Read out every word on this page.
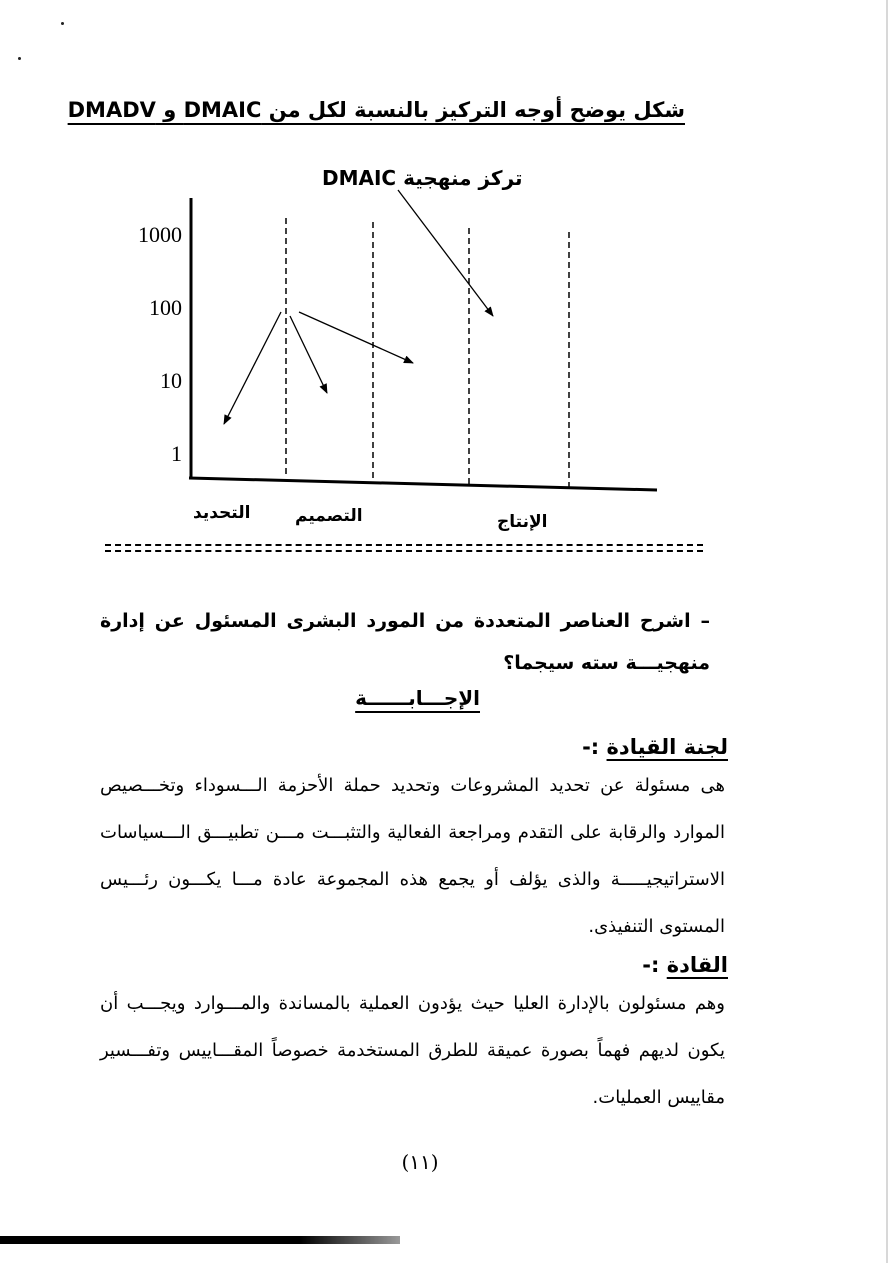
شكل يوضح أوجه التركيز بالنسبة لكل من DMAIC و DMADV
تركز منهجية DMAIC
1000
100
10
1
التحديد	التصميم	الإنتاج
– اشرح العناصر المتعددة من المورد البشرى المسئول عن إدارة منهجيـــة سته سيجما؟
الإجـــابــــــة
لجنة القيادة :-
هى مسئولة عن تحديد المشروعات وتحديد حملة الأحزمة الـــسوداء وتخـــصيص الموارد والرقابة على التقدم ومراجعة الفعالية والتثبـــت مـــن تطبيـــق الـــسياسات الاستراتيجيـــــة والذى يؤلف أو يجمع هذه المجموعة عادة مـــا يكـــون رئـــيس المستوى التنفيذى.
القادة :-
وهم مسئولون بالإدارة العليا حيث يؤدون العملية بالمساندة والمـــوارد ويجـــب أن يكون لديهم فهماً بصورة عميقة للطرق المستخدمة خصوصاً المقـــاييس وتفـــسير مقاييس العمليات.
(١١)
